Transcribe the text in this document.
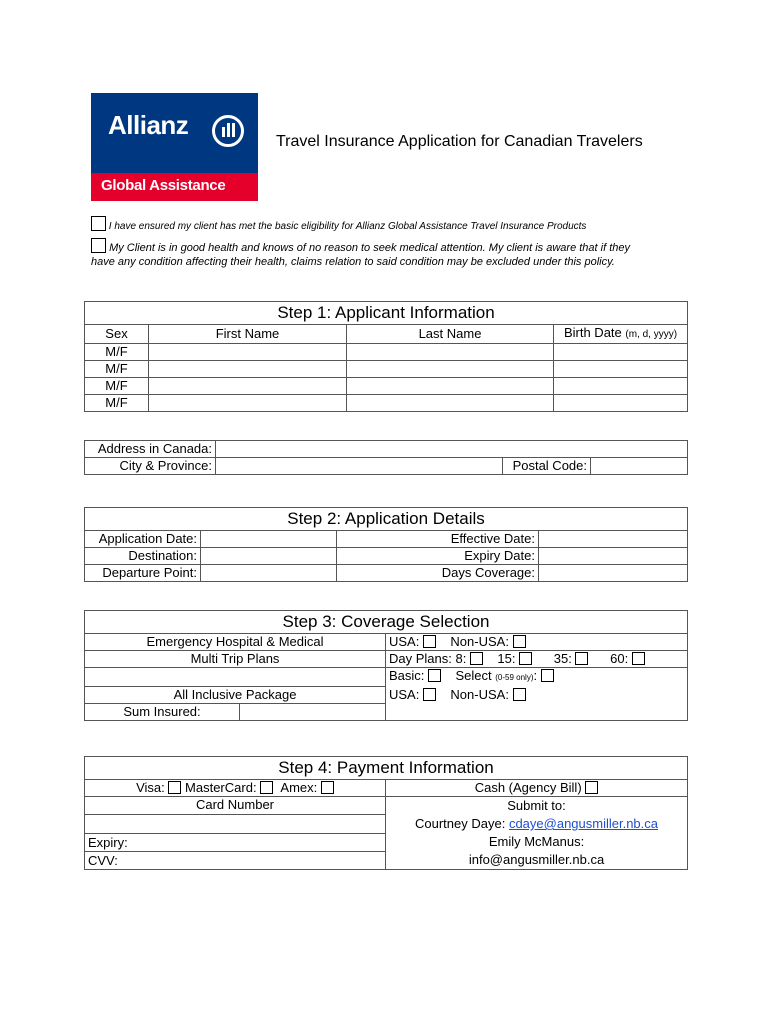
Allianz
Global Assistance
Travel Insurance Application for Canadian Travelers
I have ensured my client has met the basic eligibility for Allianz Global Assistance Travel Insurance Products
My Client is in good health and knows of no reason to seek medical attention. My client is aware that if they
have any condition affecting their health, claims relation to said condition may be excluded under this policy.
Step 1: Applicant Information			
Sex	First Name	Last Name	Birth Date (m, d, yyyy)
M/F			
M/F			
M/F			
M/F			
Address in Canada:			
City & Province:		Postal Code:	
Step 2: Application Details			
Application Date:		Effective Date:	
Destination:		Expiry Date:	
Departure Point:		Days Coverage:	
Step 3: Coverage Selection		
Emergency Hospital & Medical		USA: Non-USA:
Multi Trip Plans		Day Plans: 8: 15: 35: 60:
		Basic: Select (0-59 only):
All Inclusive Package		USA: Non-USA:
Sum Insured:		
Step 4: Payment Information	
Visa: MasterCard: Amex:	Cash (Agency Bill)
Card Number	Submit to:
Courtney Daye: cdaye@angusmiller.nb.ca
Emily McManus:
info@angusmiller.nb.ca

Expiry:	
CVV:	
